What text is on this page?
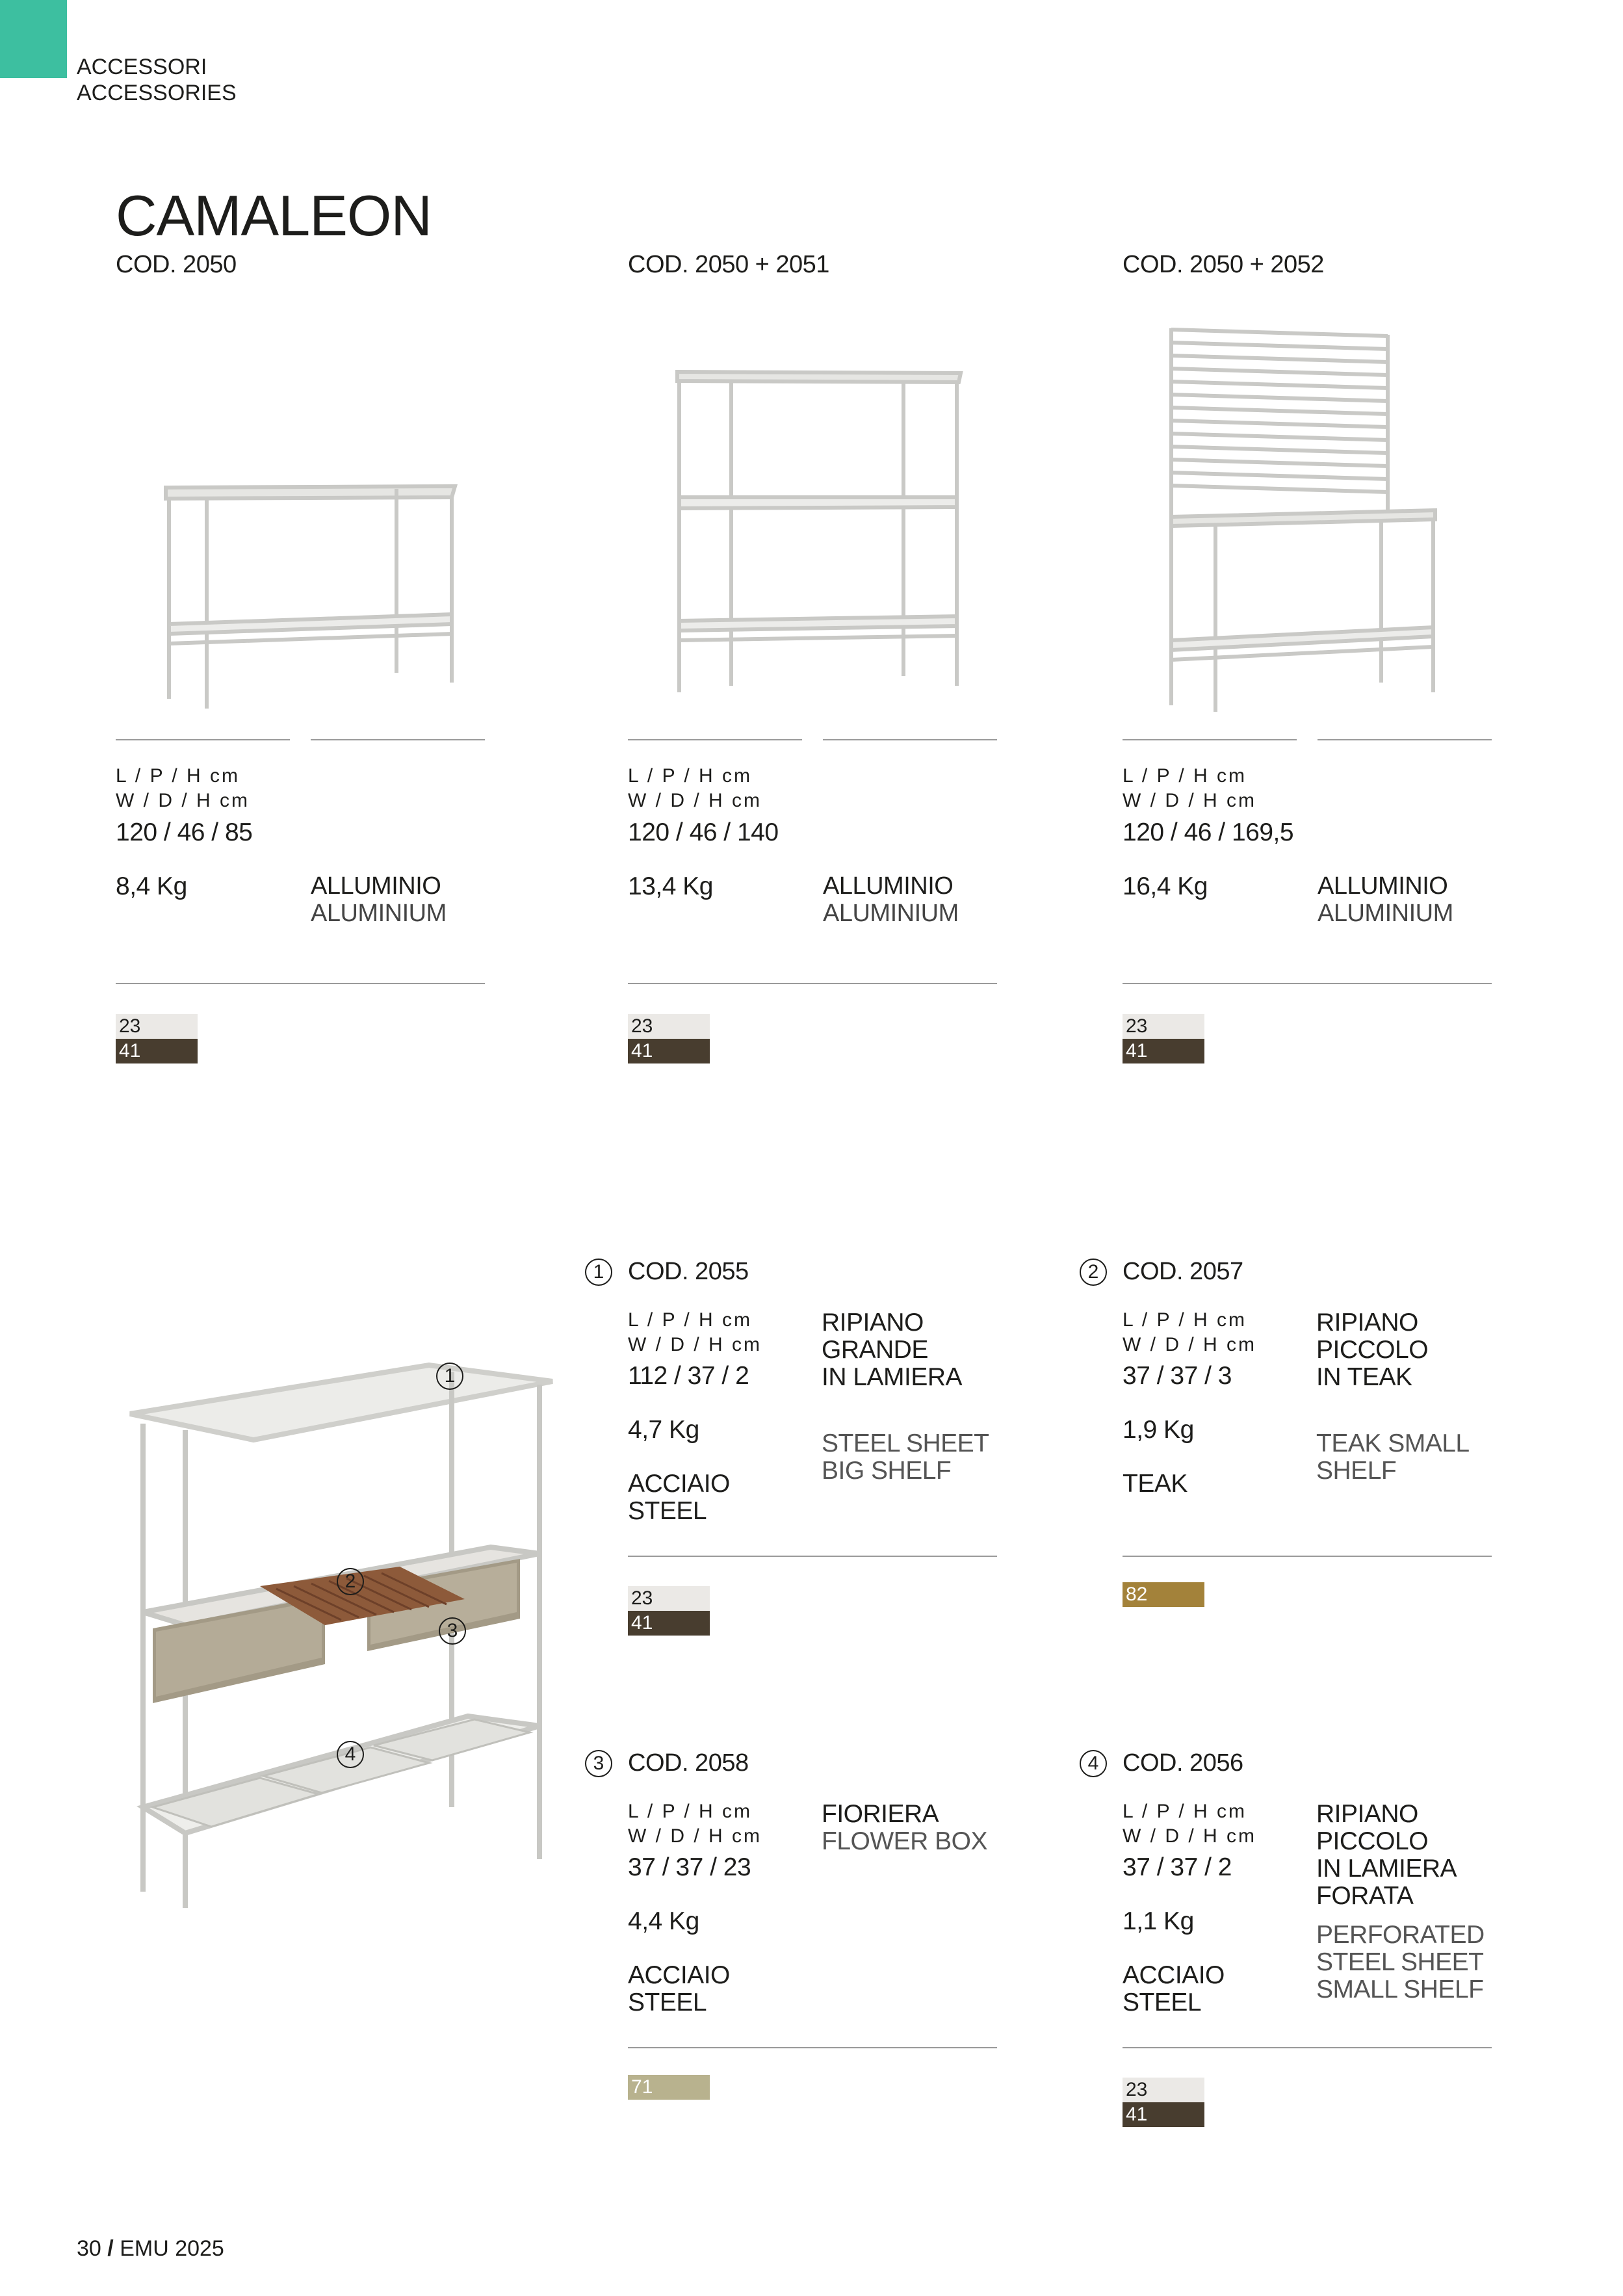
ACCESSORI
ACCESSORIES
CAMALEON
COD. 2050
L / P / H cm
W / D / H cm
120 / 46 / 85
8,4 Kg	ALLUMINIO
ALUMINIUM
23
41
COD. 2050 + 2051
L / P / H cm
W / D / H cm
120 / 46 / 140
13,4 Kg	ALLUMINIO
ALUMINIUM
23
41
COD. 2050 + 2052
L / P / H cm
W / D / H cm
120 / 46 / 169,5
16,4 Kg	ALLUMINIO
ALUMINIUM
23
41
1
2
3
4
1 COD. 2055
L / P / H cm
W / D / H cm
112 / 37 / 2
4,7 Kg
ACCIAIO
STEEL
RIPIANO
GRANDE
IN LAMIERA
STEEL SHEET
BIG SHELF
23
41
2 COD. 2057
L / P / H cm
W / D / H cm
37 / 37 / 3
1,9 Kg
TEAK
RIPIANO
PICCOLO
IN TEAK
TEAK SMALL
SHELF
82
3 COD. 2058
L / P / H cm
W / D / H cm
37 / 37 / 23
4,4 Kg
ACCIAIO
STEEL
FIORIERA
FLOWER BOX
71
4 COD. 2056
L / P / H cm
W / D / H cm
37 / 37 / 2
1,1 Kg
ACCIAIO
STEEL
RIPIANO
PICCOLO
IN LAMIERA
FORATA
PERFORATED
STEEL SHEET
SMALL SHELF
23
41
30 / EMU 2025
